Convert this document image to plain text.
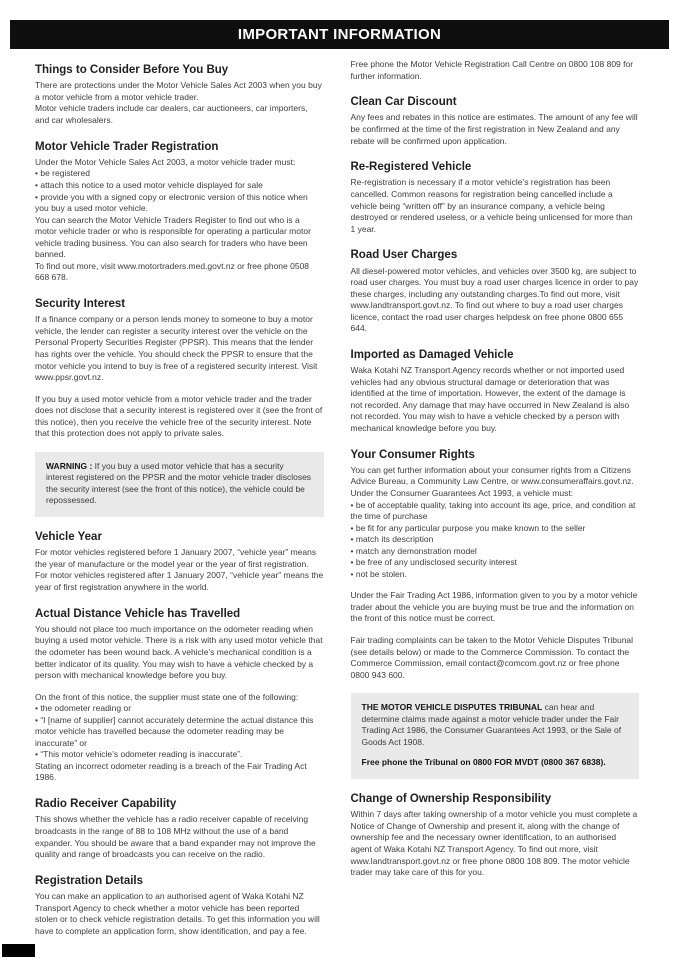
IMPORTANT INFORMATION
Things to Consider Before You Buy

There are protections under the Motor Vehicle Sales Act 2003 when you buy a motor vehicle from a motor vehicle trader.

Motor vehicle traders include car dealers, car auctioneers, car importers, and car wholesalers.

Motor Vehicle Trader Registration

Under the Motor Vehicle Sales Act 2003, a motor vehicle trader must:

• be registered

• attach this notice to a used motor vehicle displayed for sale

• provide you with a signed copy or electronic version of this notice when you buy a used motor vehicle.

You can search the Motor Vehicle Traders Register to find out who is a motor vehicle trader or who is responsible for operating a particular motor vehicle trading business. You can also search for traders who have been banned.

To find out more, visit www.motortraders.med.govt.nz or free phone 0508 668 678.

Security Interest

If a finance company or a person lends money to someone to buy a motor vehicle, the lender can register a security interest over the vehicle on the Personal Property Securities Register (PPSR). This means that the lender has rights over the vehicle. You should check the PPSR to ensure that the motor vehicle you intend to buy is free of a registered security interest. Visit www.ppsr.govt.nz.

If you buy a used motor vehicle from a motor vehicle trader and the trader does not disclose that a security interest is registered over it (see the front of this notice), then you receive the vehicle free of the security interest. Note that this protection does not apply to private sales.

WARNING : If you buy a used motor vehicle that has a security interest registered on the PPSR and the motor vehicle trader discloses the security interest (see the front of this notice), the vehicle could be repossessed.

Vehicle Year

For motor vehicles registered before 1 January 2007, “vehicle year” means the year of manufacture or the model year or the year of first registration. For motor vehicles registered after 1 January 2007, “vehicle year” means the year of first registration anywhere in the world.

Actual Distance Vehicle has Travelled

You should not place too much importance on the odometer reading when buying a used motor vehicle. There is a risk with any used motor vehicle that the odometer has been wound back. A vehicle’s mechanical condition is a better indicator of its quality. You may wish to have a vehicle checked by a person with mechanical knowledge before you buy.

On the front of this notice, the supplier must state one of the following:

• the odometer reading or

• “I [name of supplier] cannot accurately determine the actual distance this motor vehicle has travelled because the odometer reading may be inaccurate” or

• “This motor vehicle’s odometer reading is inaccurate”.

Stating an incorrect odometer reading is a breach of the Fair Trading Act 1986.

Radio Receiver Capability

This shows whether the vehicle has a radio receiver capable of receiving broadcasts in the range of 88 to 108 MHz without the use of a band expander. You should be aware that a band expander may not improve the quality and range of broadcasts you can receive on the radio.

Registration Details

You can make an application to an authorised agent of Waka Kotahi NZ Transport Agency to check whether a motor vehicle has been reported stolen or to check vehicle registration details. To get this information you will have to complete an application form, show identification, and pay a fee.

Free phone the Motor Vehicle Registration Call Centre on 0800 108 809 for further information.

Clean Car Discount

Any fees and rebates in this notice are estimates. The amount of any fee will be confirmed at the time of the first registration in New Zealand and any rebate will be confirmed upon application.

Re-Registered Vehicle

Re-registration is necessary if a motor vehicle’s registration has been cancelled. Common reasons for registration being cancelled include a vehicle being “written off” by an insurance company, a vehicle being destroyed or rendered useless, or a vehicle being unlicensed for more than 1 year.

Road User Charges

All diesel-powered motor vehicles, and vehicles over 3500 kg, are subject to road user charges. You must buy a road user charges licence in order to pay these charges, including any outstanding charges.To find out more, visit www.landtransport.govt.nz. To find out where to buy a road user charges licence, contact the road user charges helpdesk on free phone 0800 655 644.

Imported as Damaged Vehicle

Waka Kotahi NZ Transport Agency records whether or not imported used vehicles had any obvious structural damage or deterioration that was identified at the time of importation. However, the extent of the damage is not recorded. Any damage that may have occurred in New Zealand is also not recorded. You may wish to have a vehicle checked by a person with mechanical knowledge before you buy.

Your Consumer Rights

You can get further information about your consumer rights from a Citizens Advice Bureau, a Community Law Centre, or www.consumeraffairs.govt.nz.

Under the Consumer Guarantees Act 1993, a vehicle must:

• be of acceptable quality, taking into account its age, price, and condition at the time of purchase

• be fit for any particular purpose you make known to the seller

• match its description

• match any demonstration model

• be free of any undisclosed security interest

• not be stolen.

Under the Fair Trading Act 1986, information given to you by a motor vehicle trader about the vehicle you are buying must be true and the information on the front of this notice must be correct.

Fair trading complaints can be taken to the Motor Vehicle Disputes Tribunal (see details below) or made to the Commerce Commission. To contact the Commerce Commission, email contact@comcom.govt.nz or free phone 0800 943 600.

THE MOTOR VEHICLE DISPUTES TRIBUNAL can hear and determine claims made against a motor vehicle trader under the Fair Trading Act 1986, the Consumer Guarantees Act 1993, or the Sale of Goods Act 1908.

Free phone the Tribunal on 0800 FOR MVDT (0800 367 6838).

Change of Ownership Responsibility

Within 7 days after taking ownership of a motor vehicle you must complete a Notice of Change of Ownership and present it, along with the change of ownership fee and the necessary owner identification, to an authorised agent of Waka Kotahi NZ Transport Agency. To find out more, visit www.landtransport.govt.nz or free phone 0800 108 809. The motor vehicle trader may take care of this for you.
